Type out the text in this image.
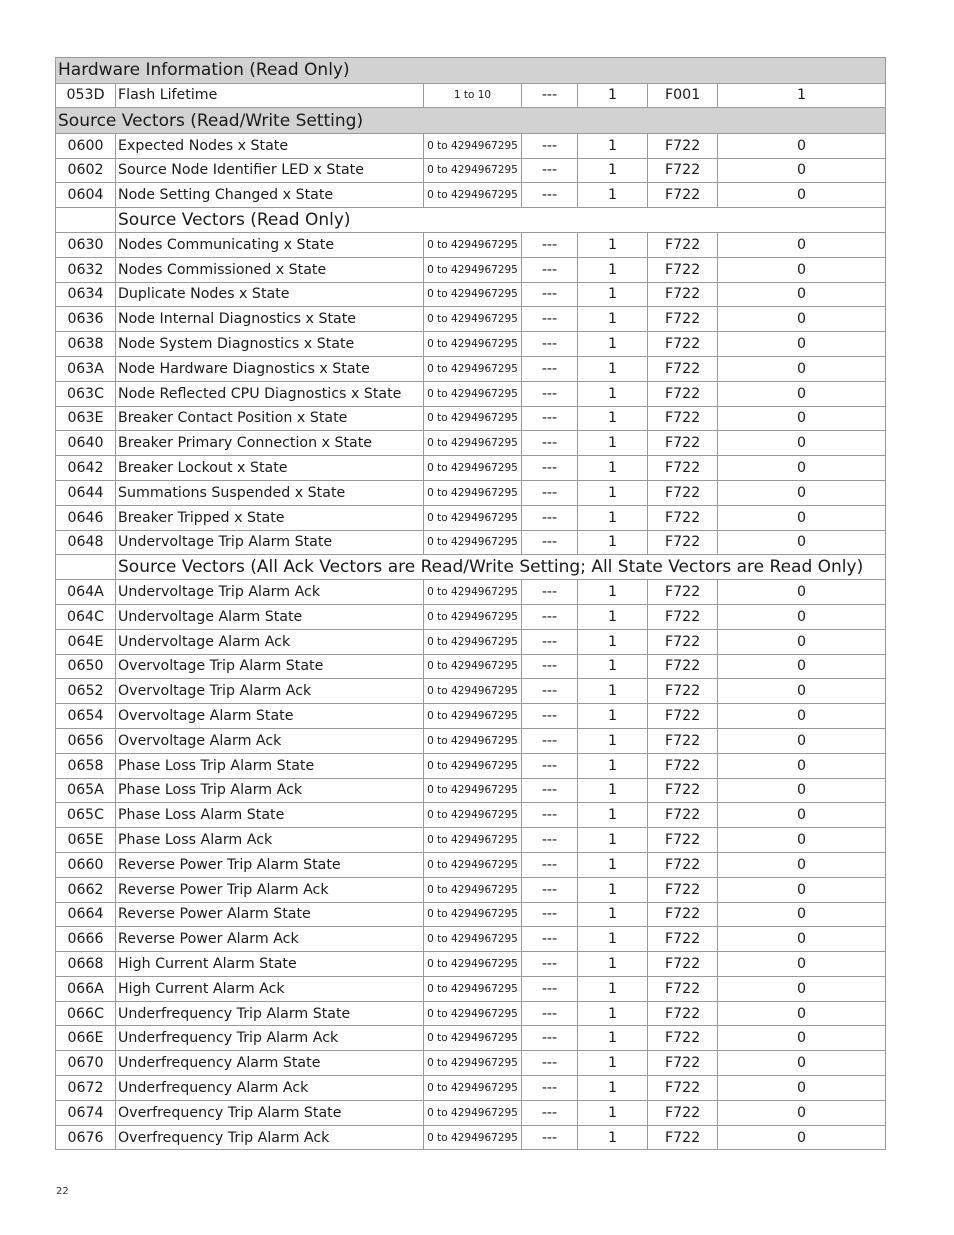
Hardware Information (Read Only)						
053D	Flash Lifetime	1 to 10	---	1	F001	1
Source Vectors (Read/Write Setting)						
0600	Expected Nodes x State	0 to 4294967295	---	1	F722	0
0602	Source Node Identifier LED x State	0 to 4294967295	---	1	F722	0
0604	Node Setting Changed x State	0 to 4294967295	---	1	F722	0
	Source Vectors (Read Only)					
0630	Nodes Communicating x State	0 to 4294967295	---	1	F722	0
0632	Nodes Commissioned x State	0 to 4294967295	---	1	F722	0
0634	Duplicate Nodes x State	0 to 4294967295	---	1	F722	0
0636	Node Internal Diagnostics x State	0 to 4294967295	---	1	F722	0
0638	Node System Diagnostics x State	0 to 4294967295	---	1	F722	0
063A	Node Hardware Diagnostics x State	0 to 4294967295	---	1	F722	0
063C	Node Reflected CPU Diagnostics x State	0 to 4294967295	---	1	F722	0
063E	Breaker Contact Position x State	0 to 4294967295	---	1	F722	0
0640	Breaker Primary Connection x State	0 to 4294967295	---	1	F722	0
0642	Breaker Lockout x State	0 to 4294967295	---	1	F722	0
0644	Summations Suspended x State	0 to 4294967295	---	1	F722	0
0646	Breaker Tripped x State	0 to 4294967295	---	1	F722	0
0648	Undervoltage Trip Alarm State	0 to 4294967295	---	1	F722	0
	Source Vectors (All Ack Vectors are Read/Write Setting; All State Vectors are Read Only)					
064A	Undervoltage Trip Alarm Ack	0 to 4294967295	---	1	F722	0
064C	Undervoltage Alarm State	0 to 4294967295	---	1	F722	0
064E	Undervoltage Alarm Ack	0 to 4294967295	---	1	F722	0
0650	Overvoltage Trip Alarm State	0 to 4294967295	---	1	F722	0
0652	Overvoltage Trip Alarm Ack	0 to 4294967295	---	1	F722	0
0654	Overvoltage Alarm State	0 to 4294967295	---	1	F722	0
0656	Overvoltage Alarm Ack	0 to 4294967295	---	1	F722	0
0658	Phase Loss Trip Alarm State	0 to 4294967295	---	1	F722	0
065A	Phase Loss Trip Alarm Ack	0 to 4294967295	---	1	F722	0
065C	Phase Loss Alarm State	0 to 4294967295	---	1	F722	0
065E	Phase Loss Alarm Ack	0 to 4294967295	---	1	F722	0
0660	Reverse Power Trip Alarm State	0 to 4294967295	---	1	F722	0
0662	Reverse Power Trip Alarm Ack	0 to 4294967295	---	1	F722	0
0664	Reverse Power Alarm State	0 to 4294967295	---	1	F722	0
0666	Reverse Power Alarm Ack	0 to 4294967295	---	1	F722	0
0668	High Current Alarm State	0 to 4294967295	---	1	F722	0
066A	High Current Alarm Ack	0 to 4294967295	---	1	F722	0
066C	Underfrequency Trip Alarm State	0 to 4294967295	---	1	F722	0
066E	Underfrequency Trip Alarm Ack	0 to 4294967295	---	1	F722	0
0670	Underfrequency Alarm State	0 to 4294967295	---	1	F722	0
0672	Underfrequency Alarm Ack	0 to 4294967295	---	1	F722	0
0674	Overfrequency Trip Alarm State	0 to 4294967295	---	1	F722	0
0676	Overfrequency Trip Alarm Ack	0 to 4294967295	---	1	F722	0
22
